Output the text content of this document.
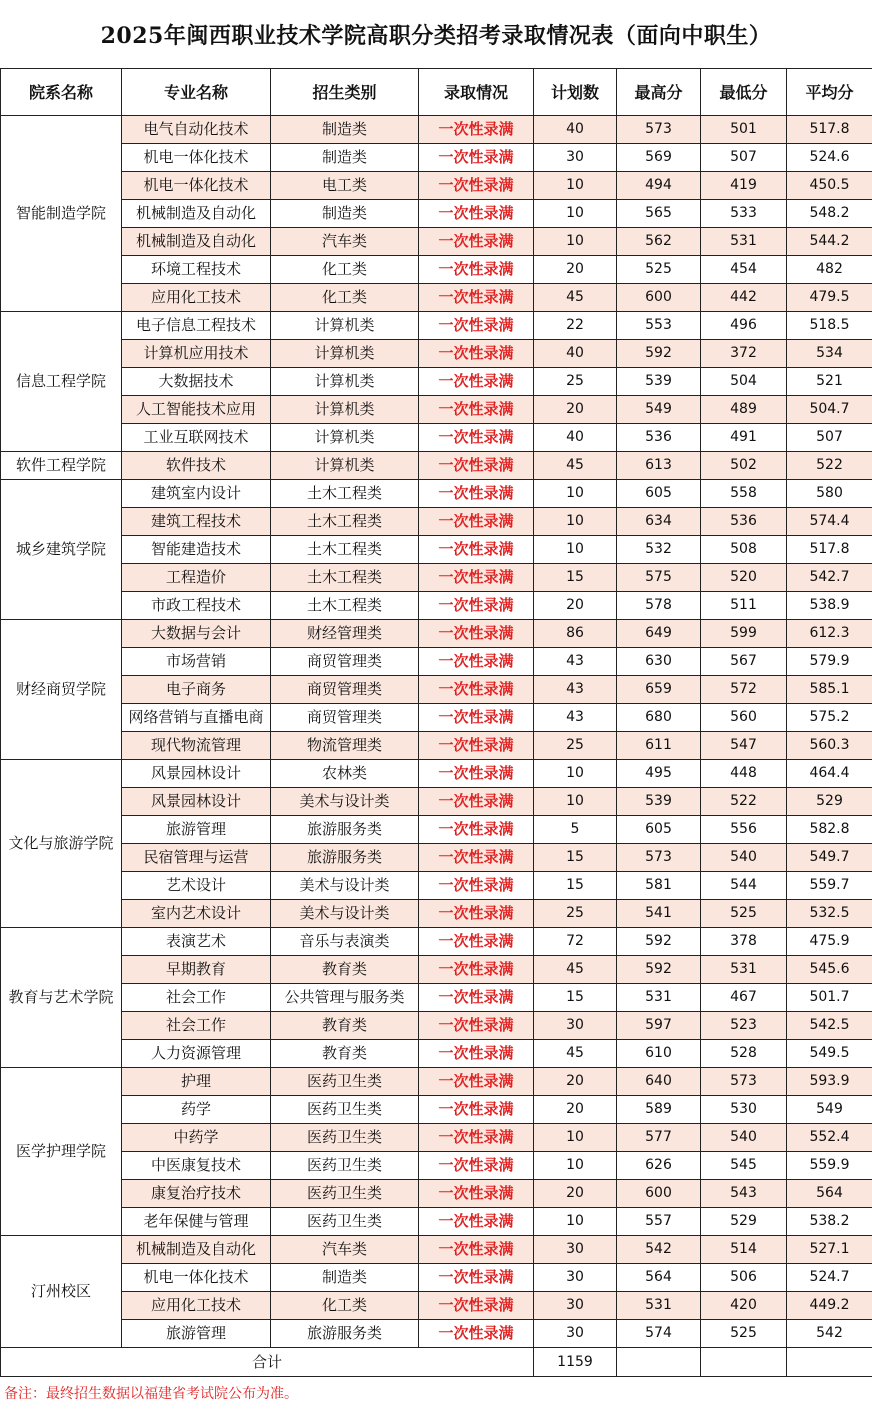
2025年闽西职业技术学院高职分类招考录取情况表（面向中职生）
院系名称	专业名称	招生类别	录取情况	计划数	最高分	最低分	平均分
智能制造学院	电气自动化技术	制造类	一次性录满	40	573	501	517.8
	机电一体化技术	制造类	一次性录满	30	569	507	524.6
	机电一体化技术	电工类	一次性录满	10	494	419	450.5
	机械制造及自动化	制造类	一次性录满	10	565	533	548.2
	机械制造及自动化	汽车类	一次性录满	10	562	531	544.2
	环境工程技术	化工类	一次性录满	20	525	454	482
	应用化工技术	化工类	一次性录满	45	600	442	479.5
信息工程学院	电子信息工程技术	计算机类	一次性录满	22	553	496	518.5
	计算机应用技术	计算机类	一次性录满	40	592	372	534
	大数据技术	计算机类	一次性录满	25	539	504	521
	人工智能技术应用	计算机类	一次性录满	20	549	489	504.7
	工业互联网技术	计算机类	一次性录满	40	536	491	507
软件工程学院	软件技术	计算机类	一次性录满	45	613	502	522
城乡建筑学院	建筑室内设计	土木工程类	一次性录满	10	605	558	580
	建筑工程技术	土木工程类	一次性录满	10	634	536	574.4
	智能建造技术	土木工程类	一次性录满	10	532	508	517.8
	工程造价	土木工程类	一次性录满	15	575	520	542.7
	市政工程技术	土木工程类	一次性录满	20	578	511	538.9
财经商贸学院	大数据与会计	财经管理类	一次性录满	86	649	599	612.3
	市场营销	商贸管理类	一次性录满	43	630	567	579.9
	电子商务	商贸管理类	一次性录满	43	659	572	585.1
	网络营销与直播电商	商贸管理类	一次性录满	43	680	560	575.2
	现代物流管理	物流管理类	一次性录满	25	611	547	560.3
文化与旅游学院	风景园林设计	农林类	一次性录满	10	495	448	464.4
	风景园林设计	美术与设计类	一次性录满	10	539	522	529
	旅游管理	旅游服务类	一次性录满	5	605	556	582.8
	民宿管理与运营	旅游服务类	一次性录满	15	573	540	549.7
	艺术设计	美术与设计类	一次性录满	15	581	544	559.7
	室内艺术设计	美术与设计类	一次性录满	25	541	525	532.5
教育与艺术学院	表演艺术	音乐与表演类	一次性录满	72	592	378	475.9
	早期教育	教育类	一次性录满	45	592	531	545.6
	社会工作	公共管理与服务类	一次性录满	15	531	467	501.7
	社会工作	教育类	一次性录满	30	597	523	542.5
	人力资源管理	教育类	一次性录满	45	610	528	549.5
医学护理学院	护理	医药卫生类	一次性录满	20	640	573	593.9
	药学	医药卫生类	一次性录满	20	589	530	549
	中药学	医药卫生类	一次性录满	10	577	540	552.4
	中医康复技术	医药卫生类	一次性录满	10	626	545	559.9
	康复治疗技术	医药卫生类	一次性录满	20	600	543	564
	老年保健与管理	医药卫生类	一次性录满	10	557	529	538.2
汀州校区	机械制造及自动化	汽车类	一次性录满	30	542	514	527.1
	机电一体化技术	制造类	一次性录满	30	564	506	524.7
	应用化工技术	化工类	一次性录满	30	531	420	449.2
	旅游管理	旅游服务类	一次性录满	30	574	525	542
合计				1159			
备注：最终招生数据以福建省考试院公布为准。
